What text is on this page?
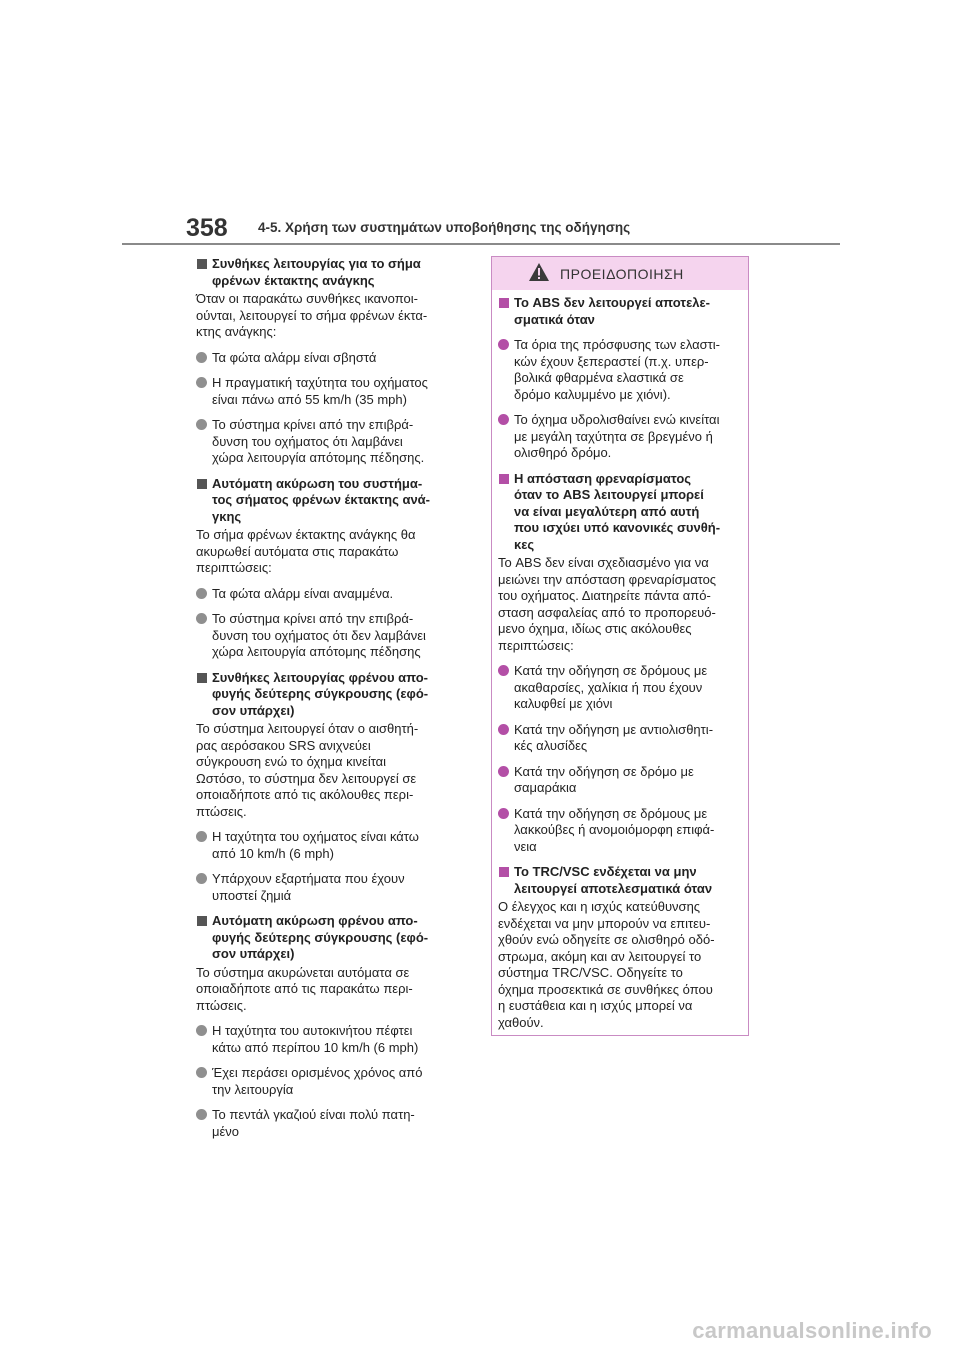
358 4-5. Χρήση των συστημάτων υποβοήθησης της οδήγησης
Συνθήκες λειτουργίας για το σήμα
φρένων έκτακτης ανάγκης
Όταν οι παρακάτω συνθήκες ικανοποι-
ούνται, λειτουργεί το σήμα φρένων έκτα-
κτης ανάγκης:
Τα φώτα αλάρμ είναι σβηστά
Η πραγματική ταχύτητα του οχήματος
είναι πάνω από 55 km/h (35 mph)
Το σύστημα κρίνει από την επιβρά-
δυνση του οχήματος ότι λαμβάνει
χώρα λειτουργία απότομης πέδησης.
Αυτόματη ακύρωση του συστήμα-
τος σήματος φρένων έκτακτης ανά-
γκης
Το σήμα φρένων έκτακτης ανάγκης θα
ακυρωθεί αυτόματα στις παρακάτω
περιπτώσεις:
Τα φώτα αλάρμ είναι αναμμένα.
Το σύστημα κρίνει από την επιβρά-
δυνση του οχήματος ότι δεν λαμβάνει
χώρα λειτουργία απότομης πέδησης
Συνθήκες λειτουργίας φρένου απο-
φυγής δεύτερης σύγκρουσης (εφό-
σον υπάρχει)
Το σύστημα λειτουργεί όταν ο αισθητή-
ρας αερόσακου SRS ανιχνεύει
σύγκρουση ενώ το όχημα κινείται
Ωστόσο, το σύστημα δεν λειτουργεί σε
οποιαδήποτε από τις ακόλουθες περι-
πτώσεις.
Η ταχύτητα του οχήματος είναι κάτω
από 10 km/h (6 mph)
Υπάρχουν εξαρτήματα που έχουν
υποστεί ζημιά
Αυτόματη ακύρωση φρένου απο-
φυγής δεύτερης σύγκρουσης (εφό-
σον υπάρχει)
Το σύστημα ακυρώνεται αυτόματα σε
οποιαδήποτε από τις παρακάτω περι-
πτώσεις.
Η ταχύτητα του αυτοκινήτου πέφτει
κάτω από περίπου 10 km/h (6 mph)
Έχει περάσει ορισμένος χρόνος από
την λειτουργία
Το πεντάλ γκαζιού είναι πολύ πατη-
μένο
ΠΡΟΕΙΔΟΠΟΙΗΣΗ
Το ABS δεν λειτουργεί αποτελε-
σματικά όταν
Τα όρια της πρόσφυσης των ελαστι-
κών έχουν ξεπεραστεί (π.χ. υπερ-
βολικά φθαρμένα ελαστικά σε
δρόμο καλυμμένο με χιόνι).
Το όχημα υδρολισθαίνει ενώ κινείται
με μεγάλη ταχύτητα σε βρεγμένο ή
ολισθηρό δρόμο.
Η απόσταση φρεναρίσματος
όταν το ABS λειτουργεί μπορεί
να είναι μεγαλύτερη από αυτή
που ισχύει υπό κανονικές συνθή-
κες
Το ABS δεν είναι σχεδιασμένο για να
μειώνει την απόσταση φρεναρίσματος
του οχήματος. Διατηρείτε πάντα από-
σταση ασφαλείας από το προπορευό-
μενο όχημα, ιδίως στις ακόλουθες
περιπτώσεις:
Κατά την οδήγηση σε δρόμους με
ακαθαρσίες, χαλίκια ή που έχουν
καλυφθεί με χιόνι
Κατά την οδήγηση με αντιολισθητι-
κές αλυσίδες
Κατά την οδήγηση σε δρόμο με
σαμαράκια
Κατά την οδήγηση σε δρόμους με
λακκούβες ή ανομοιόμορφη επιφά-
νεια
Το TRC/VSC ενδέχεται να μην
λειτουργεί αποτελεσματικά όταν
Ο έλεγχος και η ισχύς κατεύθυνσης
ενδέχεται να μην μπορούν να επιτευ-
χθούν ενώ οδηγείτε σε ολισθηρό οδό-
στρωμα, ακόμη και αν λειτουργεί το
σύστημα TRC/VSC. Οδηγείτε το
όχημα προσεκτικά σε συνθήκες όπου
η ευστάθεια και η ισχύς μπορεί να
χαθούν.
carmanualsonline.info
